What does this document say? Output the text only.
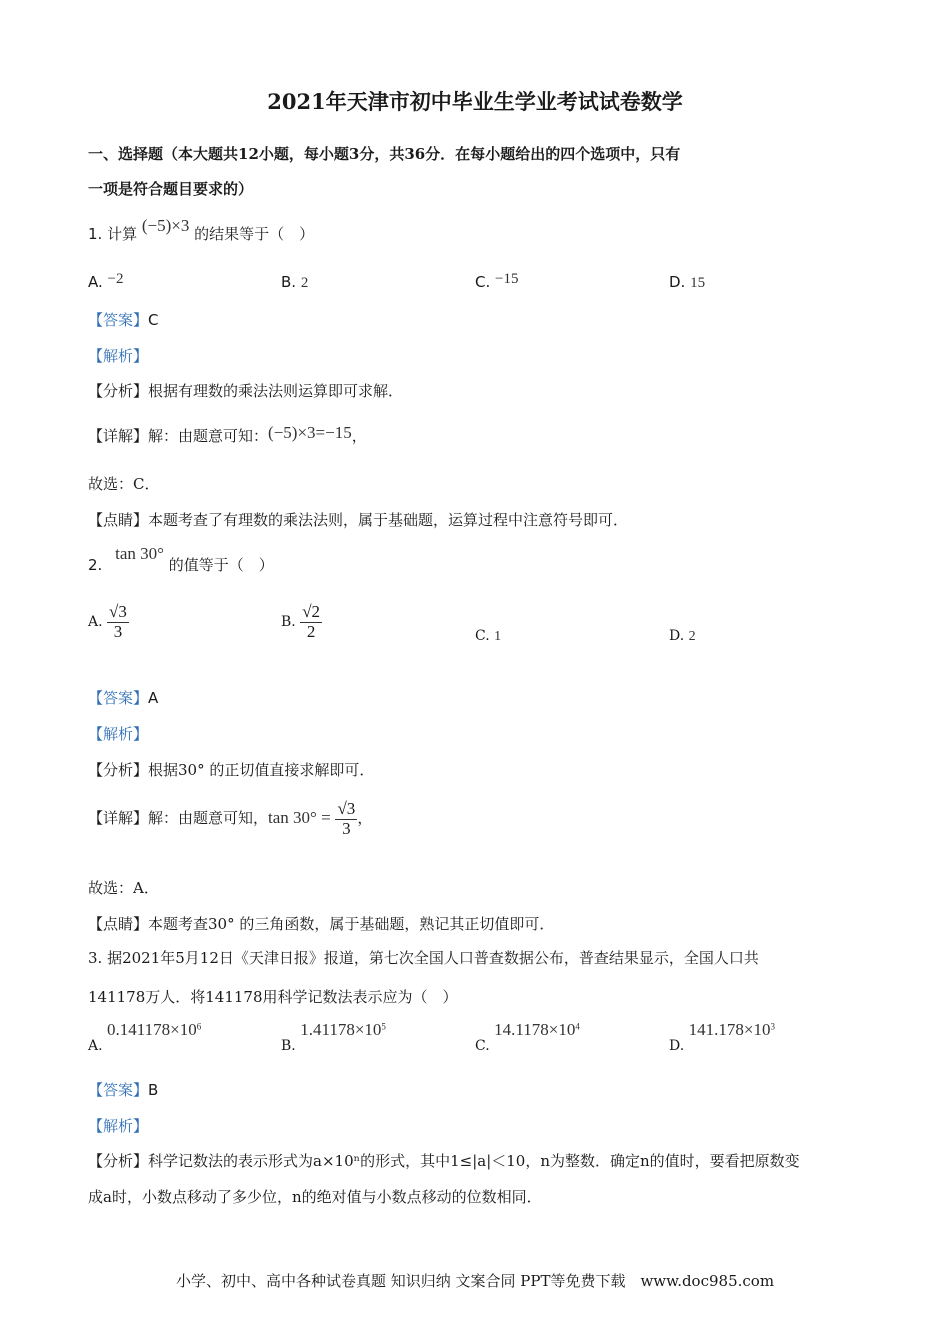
2021年天津市初中毕业生学业考试试卷数学
一、选择题（本大题共12小题，每小题3分，共36分．在每小题给出的四个选项中，只有
一项是符合题目要求的）
1. 计算 (−5)×3 的结果等于（　）
A. −2	B. 2	C. −15	D. 15
【答案】C
【解析】
【分析】根据有理数的乘法法则运算即可求解．
【详解】解：由题意可知：(−5)×3=−15，
故选：C．
【点睛】本题考查了有理数的乘法法则，属于基础题，运算过程中注意符号即可．
2. tan 30° 的值等于（　）
A. $\frac{√3}{3}$	B. $\frac{√2}{2}$	C. 1	D. 2
【答案】A
【解析】
【分析】根据30° 的正切值直接求解即可．
【详解】解：由题意可知，$\tan 30^\circ = \frac{√3}{3}$ ，
故选：A．
【点睛】本题考查30° 的三角函数，属于基础题，熟记其正切值即可．
3. 据2021年5月12日《天津日报》报道，第七次全国人口普查数据公布，普查结果显示，全国人口共
141178万人．将141178用科学记数法表示应为（　）
A. $0.141178\times 10^6$
B. $1.41178\times 10^5$
C. $14.1178\times 10^4$
D. $141.178\times 10^3$
【答案】B
【解析】
【分析】科学记数法的表示形式为a×10ⁿ的形式，其中1≤|a|＜10，n为整数．确定n的值时，要看把原数变
成a时，小数点移动了多少位，n的绝对值与小数点移动的位数相同．
小学、初中、高中各种试卷真题 知识归纳 文案合同 PPT等免费下载　www.doc985.com
